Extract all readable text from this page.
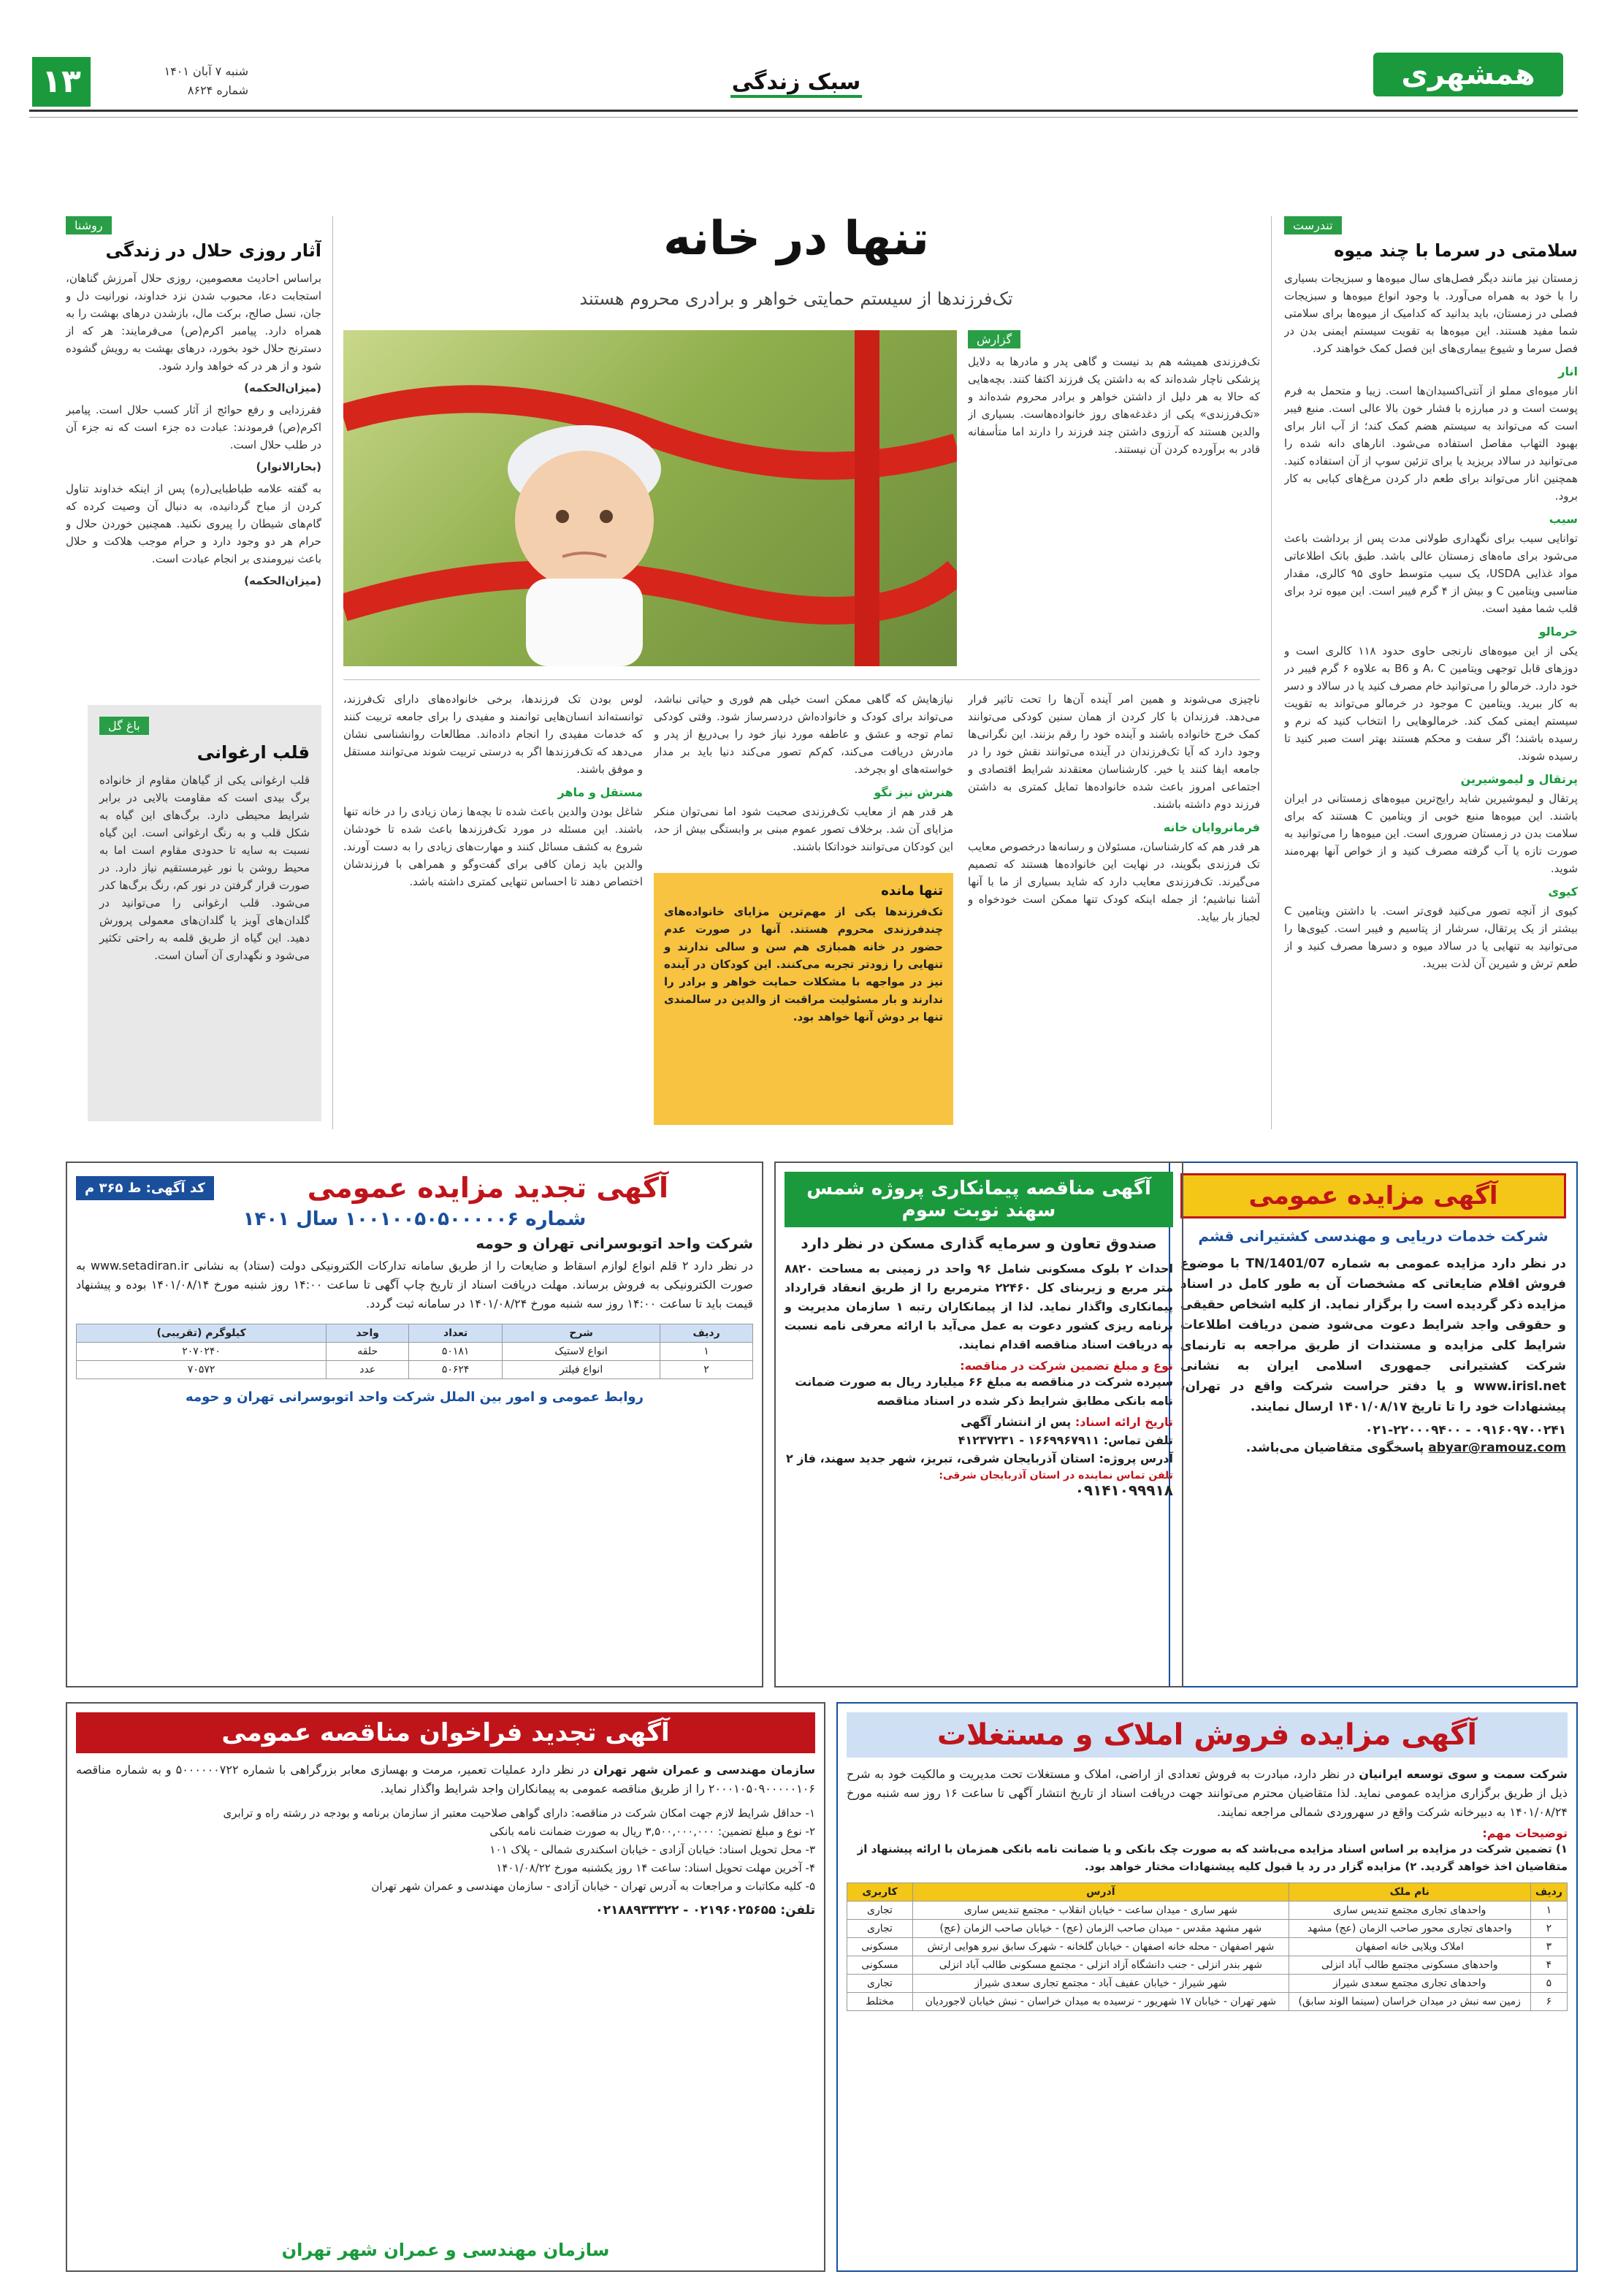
همشهری
سبک زندگی
۱۳	شنبه ۷ آبان ۱۴۰۱
شماره ۸۶۲۴
تندرست
سلامتی در سرما با چند میوه

زمستان نیز مانند دیگر فصل‌های سال میوه‌ها و سبزیجات بسیاری را با خود به همراه می‌آورد. با وجود انواع میوه‌ها و سبزیجات فصلی در زمستان، باید بدانید که کدامیک از میوه‌ها برای سلامتی شما مفید هستند. این میوه‌ها به تقویت سیستم ایمنی بدن در فصل سرما و شیوع بیماری‌های این فصل کمک خواهند کرد.

انار

انار میوه‌ای مملو از آنتی‌اکسیدان‌ها است. زیبا و متحمل به فرم پوست است و در مبارزه با فشار خون بالا عالی است. منبع فیبر است که می‌تواند به سیستم هضم کمک کند؛ از آب انار برای بهبود التهاب مفاصل استفاده می‌شود. انار‌های دانه شده را می‌توانید در سالاد بریزید یا برای تزئین سوپ از آن استفاده کنید. همچنین انار می‌تواند برای طعم دار کردن مرغ‌های کبابی به کار برود.

سیب

توانایی سیب برای نگهداری طولانی مدت پس از برداشت باعث می‌شود برای ماه‌های زمستان عالی باشد. طبق بانک اطلاعاتی مواد غذایی USDA، یک سیب متوسط حاوی ۹۵ کالری، مقدار مناسبی ویتامین C و بیش از ۴ گرم فیبر است. این میوه ترد برای قلب شما مفید است.

خرمالو

یکی از این میوه‌های نارنجی حاوی حدود ۱۱۸ کالری است و دوز‌های قابل توجهی ویتامین A، C و B6 به علاوه ۶ گرم فیبر در خود دارد. خرمالو را می‌توانید خام مصرف کنید یا در سالاد و دسر به کار ببرید. ویتامین C موجود در خرمالو می‌تواند به تقویت سیستم ایمنی کمک کند. خرمالو‌هایی را انتخاب کنید که نرم و رسیده باشند؛ اگر سفت و محکم هستند بهتر است صبر کنید تا رسیده شوند.

پرتقال و لیموشیرین

پرتقال و لیموشیرین شاید رایج‌ترین میوه‌های زمستانی در ایران باشند. این میوه‌ها منبع خوبی از ویتامین C هستند که برای سلامت بدن در زمستان ضروری است. این میوه‌ها را می‌توانید به صورت تازه یا آب گرفته مصرف کنید و از خواص آنها بهره‌مند شوید.

کیوی

کیوی از آنچه تصور می‌کنید قوی‌تر است. با داشتن ویتامین C بیشتر از یک پرتقال، سرشار از پتاسیم و فیبر است. کیوی‌ها را می‌توانید به تنهایی یا در سالاد میوه و دسر‌ها مصرف کنید و از طعم ترش و شیرین آن لذت ببرید.

تنها در خانه
تک‌فرزندها از سیستم حمایتی خواهر و برادری محروم هستند
گزارش

تک‌فرزندی همیشه هم بد نیست و گاهی پدر و مادرها به دلایل پزشکی ناچار شده‌اند که به داشتن یک فرزند اکتفا کنند. بچه‌هایی که حالا به هر دلیل از داشتن خواهر و برادر محروم شده‌اند و «تک‌فرزندی» یکی از دغدغه‌های روز خانواده‌هاست. بسیاری از والدین هستند که آرزوی داشتن چند فرزند را دارند اما متأسفانه قادر به برآورده کردن آن نیستند.

ناچیزی می‌شوند و همین امر آینده آن‌ها را تحت تاثیر قرار می‌دهد. فرزندان با کار کردن از همان سنین کودکی می‌توانند کمک خرج خانواده باشند و آینده خود را رقم بزنند. این نگرانی‌ها وجود دارد که آیا تک‌فرزندان در آینده می‌توانند نقش خود را در جامعه ایفا کنند یا خیر. کارشناسان معتقدند شرایط اقتصادی و اجتماعی امروز باعث شده خانواده‌ها تمایل کمتری به داشتن فرزند دوم داشته باشند.

فرمانروایان خانه

هر قدر هم که کارشناسان، مسئولان و رسانه‌ها درخصوص معایب تک فرزندی بگویند، در نهایت این خانواده‌ها هستند که تصمیم می‌گیرند. تک‌فرزندی معایب دارد که شاید بسیاری از ما با آنها آشنا نباشیم؛ از جمله اینکه کودک تنها ممکن است خودخواه و لجباز بار بیاید.

نیازهایش که گاهی ممکن است خیلی هم فوری و حیاتی نباشد، می‌تواند برای کودک و خانواده‌اش دردسرساز شود. وقتی کودکی تمام توجه و عشق و عاطفه مورد نیاز خود را بی‌دریغ از پدر و مادرش دریافت می‌کند، کم‌کم تصور می‌کند دنیا باید بر مدار خواسته‌های او بچرخد.

هنرش نیز نگو

هر قدر هم از معایب تک‌فرزندی صحبت شود اما نمی‌توان منکر مزایای آن شد. برخلاف تصور عموم مبنی بر وابستگی بیش از حد، این کودکان می‌توانند خوداتکا باشند.

تنها مانده

تک‌فرزندها یکی از مهم‌ترین مزایای خانواده‌های چندفرزندی محروم هستند. آنها در صورت عدم حضور در خانه همبازی هم سن و سالی ندارند و تنهایی را زودتر تجربه می‌کنند. این کودکان در آینده نیز در مواجهه با مشکلات حمایت خواهر و برادر را ندارند و بار مسئولیت مراقبت از والدین در سالمندی تنها بر دوش آنها خواهد بود.

لوس بودن تک فرزندها، برخی خانواده‌های دارای تک‌فرزند، توانسته‌اند انسان‌هایی توانمند و مفیدی را برای جامعه تربیت کنند که خدمات مفیدی را انجام داده‌اند. مطالعات روانشناسی نشان می‌دهد که تک‌فرزندها اگر به درستی تربیت شوند می‌توانند مستقل و موفق باشند.

مستقل و ماهر

شاغل بودن والدین باعث شده تا بچه‌ها زمان زیادی را در خانه تنها باشند. این مسئله در مورد تک‌فرزندها باعث شده تا خودشان شروع به کشف مسائل کنند و مهارت‌های زیادی را به دست آورند. والدین باید زمان کافی برای گفت‌وگو و همراهی با فرزندشان اختصاص دهند تا احساس تنهایی کمتری داشته باشد.

روشنا
آثار روزی حلال در زندگی

براساس احادیث معصومین، روزی حلال آمرزش گناهان، استجابت دعا، محبوب شدن نزد خداوند، نورانیت دل و جان، نسل صالح، برکت مال، بازشدن درهای بهشت را به همراه دارد. پیامبر اکرم(ص) می‌فرمایند: هر که از دسترنج حلال خود بخورد، درهای بهشت به رویش گشوده شود و از هر در که خواهد وارد شود.

(میزان‌الحکمه)

فقرزدایی و رفع حوائج از آثار کسب حلال است. پیامبر اکرم(ص) فرمودند: عبادت ده جزء است که نه جزء آن در طلب حلال است.

(بحارالانوار)

به گفته علامه طباطبایی(ره) پس از اینکه خداوند تناول کردن از مباح گردانیده، به دنبال آن وصیت کرده که گام‌های شیطان را پیروی نکنید. همچنین خوردن حلال و حرام هر دو وجود دارد و حرام موجب هلاکت و حلال باعث نیرومندی بر انجام عبادت است.

(میزان‌الحکمه)

باغ گل
قلب ارغوانی

قلب ارغوانی یکی از گیاهان مقاوم از خانواده برگ بیدی است که مقاومت بالایی در برابر شرایط محیطی دارد. برگ‌های این گیاه به شکل قلب و به رنگ ارغوانی است. این گیاه نسبت به سایه تا حدودی مقاوم است اما به محیط روشن با نور غیرمستقیم نیاز دارد. در صورت قرار گرفتن در نور کم، رنگ برگ‌ها کدر می‌شود. قلب ارغوانی را می‌توانید در گلدان‌های آویز یا گلدان‌های معمولی پرورش دهید. این گیاه از طریق قلمه به راحتی تکثیر می‌شود و نگهداری آن آسان است.

آگهی مزایده عمومی
شرکت خدمات دریایی و مهندسی کشتیرانی قشم

در نظر دارد مزایده عمومی به شماره TN/1401/07 با موضوع فروش اقلام ضایعاتی که مشخصات آن به طور کامل در اسناد مزایده ذکر گردیده است را برگزار نماید. از کلیه اشخاص حقیقی و حقوقی واجد شرایط دعوت می‌شود ضمن دریافت اطلاعات شرایط کلی مزایده و مستندات از طریق مراجعه به تارنمای شرکت کشتیرانی جمهوری اسلامی ایران به نشانی www.irisl.net و یا دفتر حراست شرکت واقع در تهران، پیشنهادات خود را تا تاریخ ۱۴۰۱/۰۸/۱۷ ارسال نمایند.

۰۲۱-۲۲۰۰۰۹۴۰۰ - ۰۹۱۶۰۹۷۰۰۲۴۱

abyar@ramouz.com پاسخگوی متقاضیان می‌باشد.

آگهی مناقصه پیمانکاری پروژه شمس سهند نوبت سوم
صندوق تعاون و سرمایه گذاری مسکن در نظر دارد

احداث ۲ بلوک مسکونی شامل ۹۶ واحد در زمینی به مساحت ۸۸۲۰ متر مربع و زیربنای کل ۲۲۴۶۰ مترمربع را از طریق انعقاد قرارداد پیمانکاری واگذار نماید. لذا از پیمانکاران رتبه ۱ سازمان مدیریت و برنامه ریزی کشور دعوت به عمل می‌آید با ارائه معرفی نامه نسبت به دریافت اسناد مناقصه اقدام نمایند.

نوع و مبلغ تضمین شرکت در مناقصه:

سپرده شرکت در مناقصه به مبلغ ۶۶ میلیارد ریال به صورت ضمانت نامه بانکی مطابق شرایط ذکر شده در اسناد مناقصه

تاریخ ارائه اسناد: پس از انتشار آگهی

تلفن تماس: ۱۶۶۹۹۶۷۹۱۱ - ۴۱۲۳۷۲۳۱

آدرس پروژه: استان آذربایجان شرقی، تبریز، شهر جدید سهند، فاز ۲

تلفن تماس نماینده در استان آذربایجان شرقی:

۰۹۱۴۱۰۹۹۹۱۸

آگهی تجدید مزایده عمومی
کد آگهی: ط ۳۶۵ م
شماره ۱۰۰۱۰۰۵۰۵۰۰۰۰۰۶ سال ۱۴۰۱
شرکت واحد اتوبوسرانی تهران و حومه

در نظر دارد ۲ قلم انواع لوازم اسقاط و ضایعات را از طریق سامانه تدارکات الکترونیکی دولت (ستاد) به نشانی www.setadiran.ir به صورت الکترونیکی به فروش برساند. مهلت دریافت اسناد از تاریخ چاپ آگهی تا ساعت ۱۴:۰۰ روز شنبه مورخ ۱۴۰۱/۰۸/۱۴ بوده و پیشنهاد قیمت باید تا ساعت ۱۴:۰۰ روز سه شنبه مورخ ۱۴۰۱/۰۸/۲۴ در سامانه ثبت گردد.

ردیف	شرح	تعداد	واحد	کیلوگرم (تقریبی)
۱	انواع لاستیک	۵۰۱۸۱	حلقه	۲۰۷۰۲۴۰
۲	انواع فیلتر	۵۰۶۲۴	عدد	۷۰۵۷۲
روابط عمومی و امور بین الملل شرکت واحد اتوبوسرانی تهران و حومه
آگهی مزایده فروش املاک و مستغلات

شرکت سمت و سوی توسعه ایرانیان در نظر دارد، مبادرت به فروش تعدادی از اراضی، املاک و مستغلات تحت مدیریت و مالکیت خود به شرح ذیل از طریق برگزاری مزایده عمومی نماید. لذا متقاضیان محترم می‌توانند جهت دریافت اسناد از تاریخ انتشار آگهی تا ساعت ۱۶ روز سه شنبه مورخ ۱۴۰۱/۰۸/۲۴ به دبیرخانه شرکت واقع در سهروردی شمالی مراجعه نمایند.

توضیحات مهم:

۱) تضمین شرکت در مزایده بر اساس اسناد مزایده می‌باشد که به صورت چک بانکی و یا ضمانت نامه بانکی همزمان با ارائه پیشنهاد از متقاضیان اخذ خواهد گردید. ۲) مزایده گزار در رد یا قبول کلیه پیشنهادات مختار خواهد بود.

ردیف	نام ملک	آدرس	کاربری
۱	واحدهای تجاری مجتمع تندیس ساری	شهر ساری - میدان ساعت - خیابان انقلاب - مجتمع تندیس ساری	تجاری
۲	واحدهای تجاری محور صاحب الزمان (عج) مشهد	شهر مشهد مقدس - میدان صاحب الزمان (عج) - خیابان صاحب الزمان (عج)	تجاری
۳	املاک ویلایی خانه اصفهان	شهر اصفهان - محله خانه اصفهان - خیابان گلخانه - شهرک سابق نیرو هوایی ارتش	مسکونی
۴	واحدهای مسکونی مجتمع طالب آباد انزلی	شهر بندر انزلی - جنب دانشگاه آزاد انزلی - مجتمع مسکونی طالب آباد انزلی	مسکونی
۵	واحدهای تجاری مجتمع سعدی شیراز	شهر شیراز - خیابان عفیف آباد - مجتمع تجاری سعدی شیراز	تجاری
۶	زمین سه نبش در میدان خراسان (سینما الوند سابق)	شهر تهران - خیابان ۱۷ شهریور - نرسیده به میدان خراسان - نبش خیابان لاجوردیان	مختلط
آگهی تجدید فراخوان مناقصه عمومی

سازمان مهندسی و عمران شهر تهران در نظر دارد عملیات تعمیر، مرمت و بهسازی معابر بزرگراهی با شماره ۵۰۰۰۰۰۰۷۲۲ و به شماره مناقصه ۲۰۰۰۱۰۵۰۹۰۰۰۰۰۱۰۶ را از طریق مناقصه عمومی به پیمانکاران واجد شرایط واگذار نماید.

۱- حداقل شرایط لازم جهت امکان شرکت در مناقصه: دارای گواهی صلاحیت معتبر از سازمان برنامه و بودجه در رشته راه و ترابری

۲- نوع و مبلغ تضمین: ۳,۵۰۰,۰۰۰,۰۰۰ ریال به صورت ضمانت نامه بانکی

۳- محل تحویل اسناد: خیابان آزادی - خیابان اسکندری شمالی - پلاک ۱۰۱

۴- آخرین مهلت تحویل اسناد: ساعت ۱۴ روز یکشنبه مورخ ۱۴۰۱/۰۸/۲۲

۵- کلیه مکاتبات و مراجعات به آدرس تهران - خیابان آزادی - سازمان مهندسی و عمران شهر تهران

تلفن: ۰۲۱۹۶۰۲۵۶۵۵ - ۰۲۱۸۸۹۳۳۳۲۲

سازمان مهندسی و عمران شهر تهران
